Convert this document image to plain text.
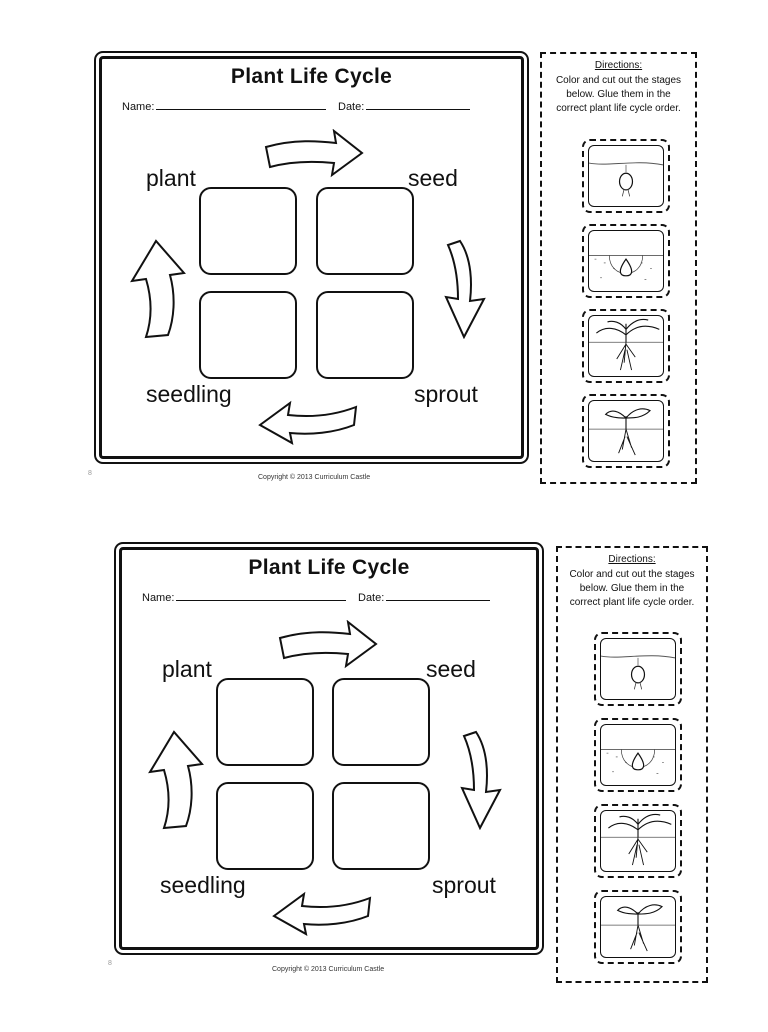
Plant Life Cycle
Name:	Date:
plant	seed
seedling	sprout
Copyright © 2013 Curriculum Castle
8
Directions:
Color and cut out the stages below. Glue them in the correct plant life cycle order.
Plant Life Cycle
Name:	Date:
plant	seed
seedling	sprout
Copyright © 2013 Curriculum Castle
8
Directions:
Color and cut out the stages below. Glue them in the correct plant life cycle order.
